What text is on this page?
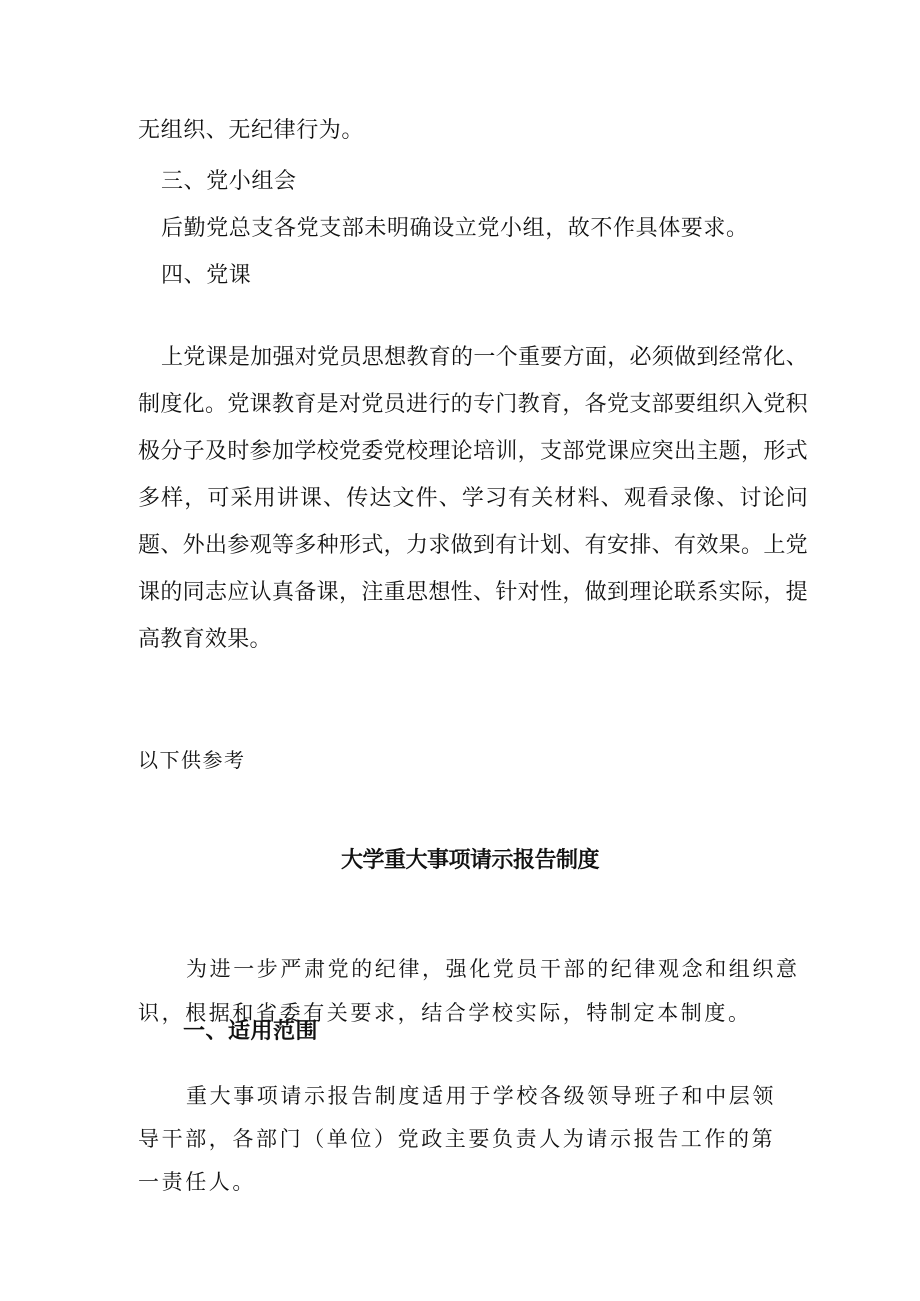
无组织、无纪律行为。
三、党小组会
后勤党总支各党支部未明确设立党小组，故不作具体要求。
四、党课

上党课是加强对党员思想教育的一个重要方面，必须做到经常化、制度化。党课教育是对党员进行的专门教育，各党支部要组织入党积极分子及时参加学校党委党校理论培训，支部党课应突出主题，形式多样，可采用讲课、传达文件、学习有关材料、观看录像、讨论问题、外出参观等多种形式，力求做到有计划、有安排、有效果。上党课的同志应认真备课，注重思想性、针对性，做到理论联系实际，提高教育效果。

以下供参考
大学重大事项请示报告制度

为进一步严肃党的纪律，强化党员干部的纪律观念和组织意识，根据和省委有关要求，结合学校实际，特制定本制度。

一、适用范围

重大事项请示报告制度适用于学校各级领导班子和中层领导干部，各部门（单位）党政主要负责人为请示报告工作的第一责任人。
